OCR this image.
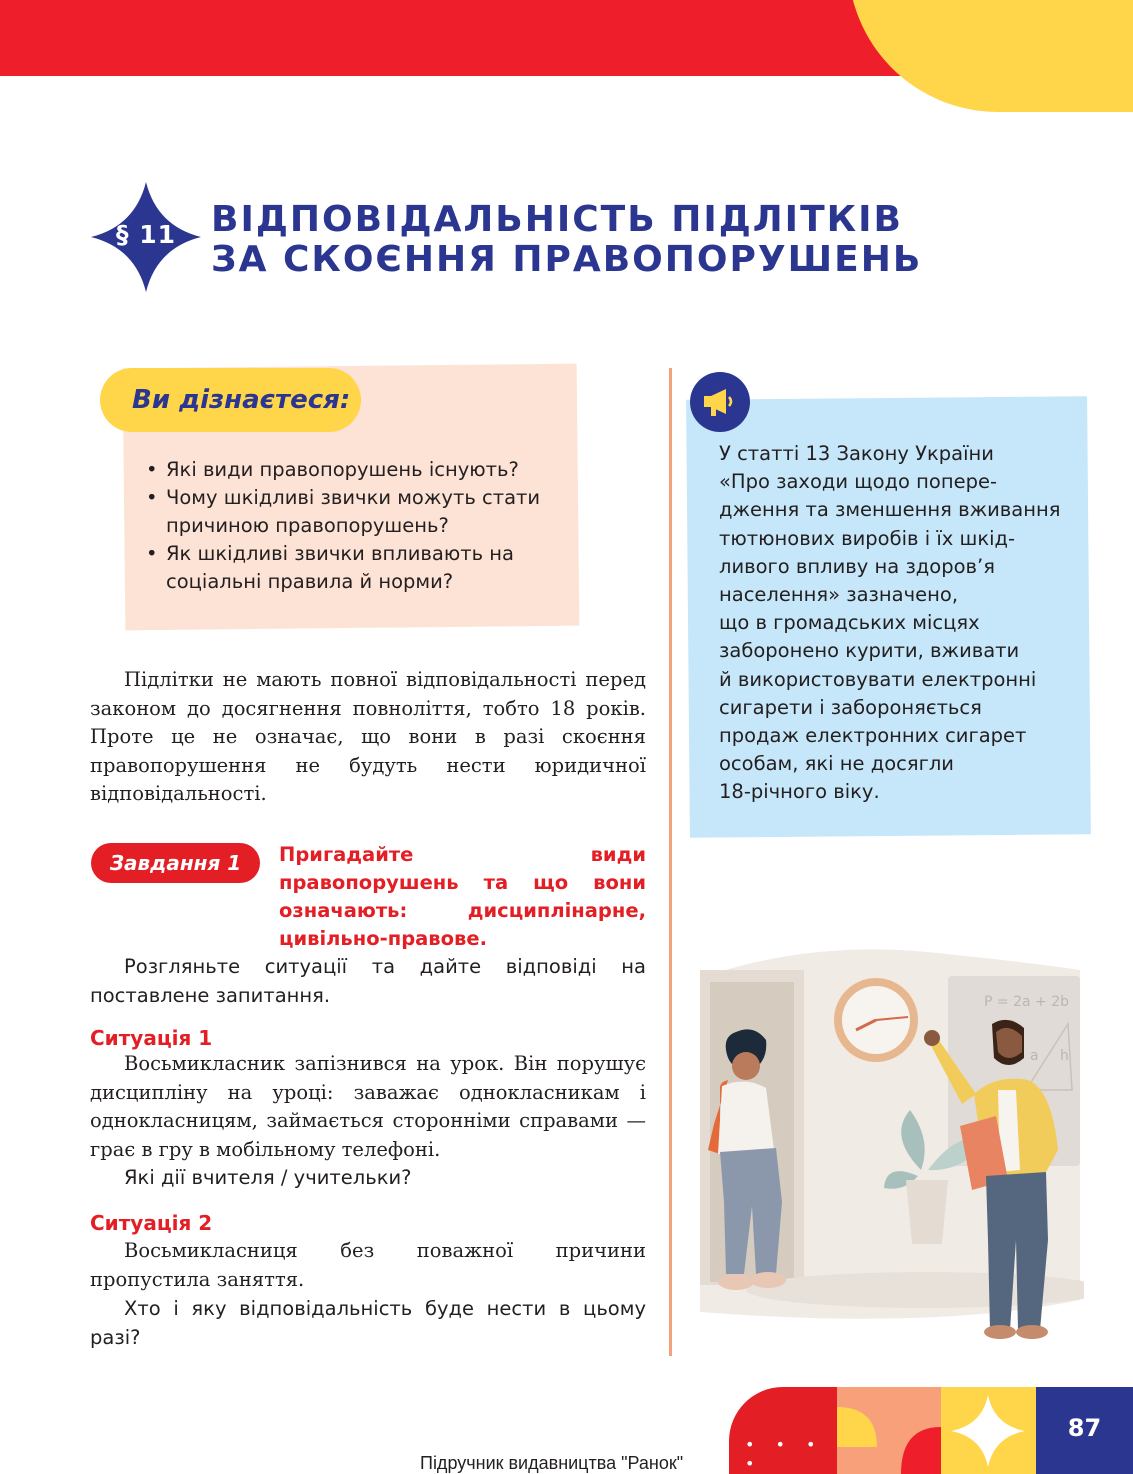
§ 11 ВІДПОВІДАЛЬНІСТЬ ПІДЛІТКІВ
ЗА СКОЄННЯ ПРАВОПОРУШЕНЬ
Ви дізнаєтеся:
• Які види правопорушень існують?
• Чому шкідливі звички можуть стати причиною правопорушень?
• Як шкідливі звички впливають на соціальні правила й норми?
У статті 13 Закону України
«Про заходи щодо попере-
дження та зменшення вживання
тютюнових виробів і їх шкід-
ливого впливу на здоров’я
населення» зазначено,
що в громадських місцях
заборонено курити, вживати
й використовувати електронні
сигарети і забороняється
продаж електронних сигарет
особам, які не досягли
18-річного віку.

Підлітки не мають повної відповідальності перед законом до досягнення повноліття, тобто 18 років. Проте це не означає, що вони в разі скоєння правопорушення не будуть нести юридичної відповідальності.

Завдання 1	Пригадайте види правопорушень та що вони означають: дисциплінарне, цивільно-правове.

Розгляньте ситуації та дайте відповіді на поставлене запитання.

Ситуація 1

Восьмикласник запізнився на урок. Він порушує дисципліну на уроці: заважає однокласникам і однокласницям, займається сторонніми справами — грає в гру в мобільному телефоні.

Які дії вчителя / учительки?

Ситуація 2

Восьмикласниця без поважної причини пропустила заняття.

Хто і яку відповідальність буде нести в цьому разі?

P = 2a + 2b
a h
Підручник видавництва "Ранок"
• • • •
87
